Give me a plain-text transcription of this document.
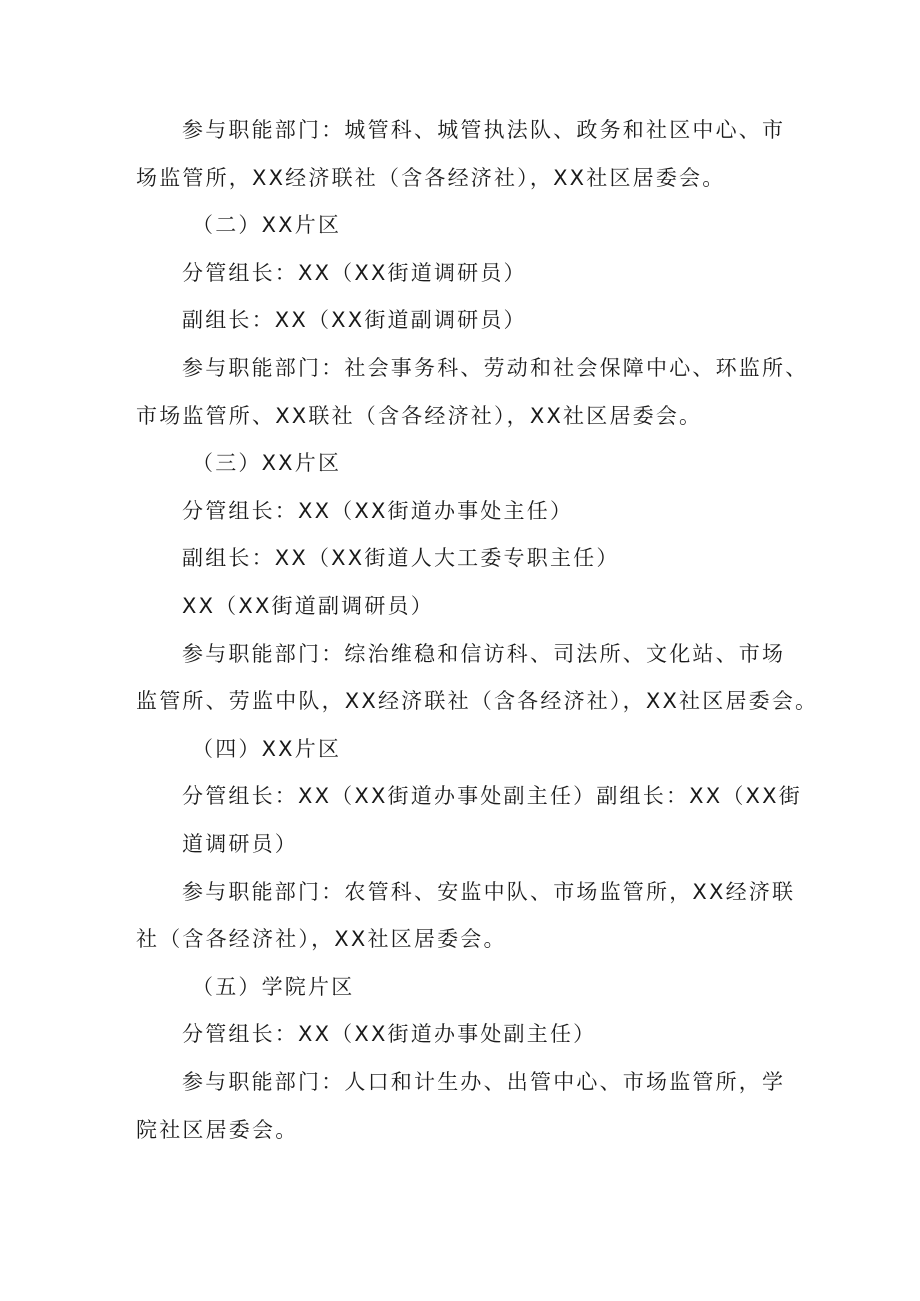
参与职能部门：城管科、城管执法队、政务和社区中心、市
场监管所，XX经济联社（含各经济社），XX社区居委会。
（二）XX片区
分管组长：XX（XX街道调研员）
副组长：XX（XX街道副调研员）
参与职能部门：社会事务科、劳动和社会保障中心、环监所、
市场监管所、XX联社（含各经济社），XX社区居委会。
（三）XX片区
分管组长：XX（XX街道办事处主任）
副组长：XX（XX街道人大工委专职主任）
XX（XX街道副调研员）
参与职能部门：综治维稳和信访科、司法所、文化站、市场
监管所、劳监中队，XX经济联社（含各经济社），XX社区居委会。
（四）XX片区
分管组长：XX（XX街道办事处副主任）副组长：XX（XX街
道调研员）
参与职能部门：农管科、安监中队、市场监管所，XX经济联
社（含各经济社），XX社区居委会。
（五）学院片区
分管组长：XX（XX街道办事处副主任）
参与职能部门：人口和计生办、出管中心、市场监管所，学
院社区居委会。
